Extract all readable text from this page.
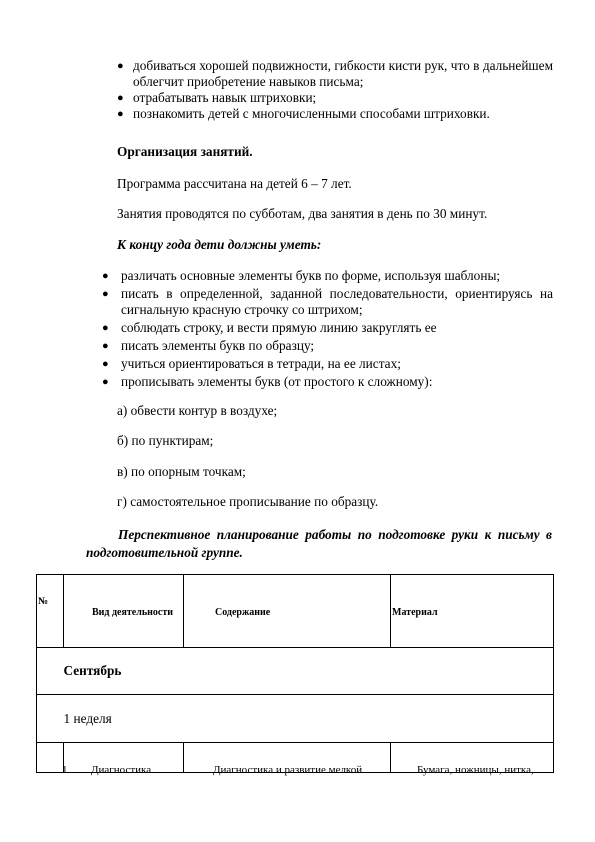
● добиваться хорошей подвижности, гибкости кисти рук, что в дальнейшем облегчит приобретение навыков письма;
● отрабатывать навык штриховки;
● познакомить детей с многочисленными способами штриховки.

Организация занятий.

Программа рассчитана на детей 6 – 7 лет.

Занятия проводятся по субботам, два занятия в день по 30 минут.

К концу года дети должны уметь:

● различать основные элементы букв по форме, используя шаблоны;
● писать в определенной, заданной последовательности, ориентируясь на сигнальную красную строчку со штрихом;
● соблюдать строку, и вести прямую линию закруглять ее
● писать элементы букв по образцу;
● учиться ориентироваться в тетради, на ее листах;
● прописывать элементы букв (от простого к сложному):

а) обвести контур в воздухе;

б) по пунктирам;

в) по опорным точкам;

г) самостоятельное прописывание по образцу.

Перспективное планирование работы по подготовке руки к письму в подготовительной группе.

№	Вид деятельности	Содержание	Материал

	Сентябрь		

	1 неделя		

1 Диагностика	Диагностика и развитие мелкой	Бумага, ножницы, нитка,
